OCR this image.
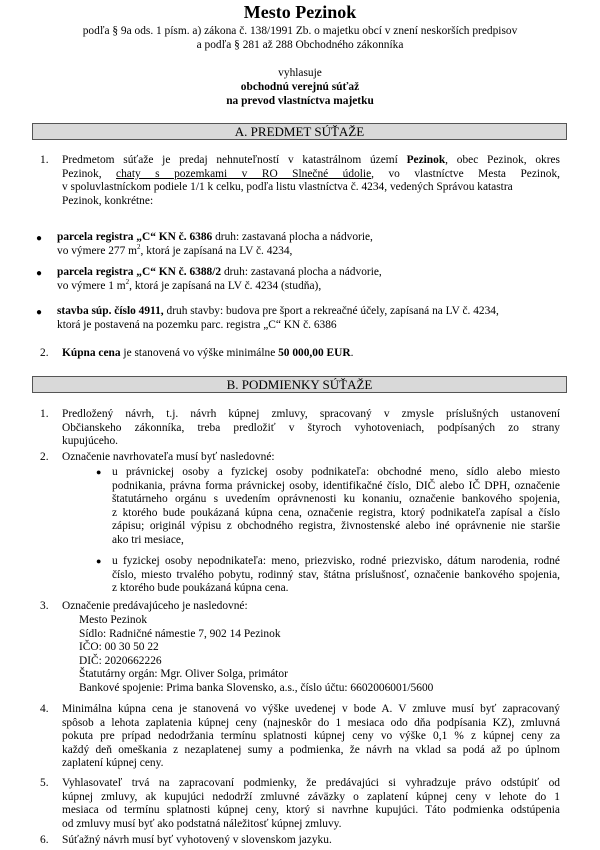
Mesto Pezinok
podľa § 9a ods. 1 písm. a) zákona č. 138/1991 Zb. o majetku obcí v znení neskorších predpisov
a podľa § 281 až 288 Obchodného zákonníka
vyhlasuje
obchodnú verejnú súťaž
na prevod vlastníctva majetku
A. PREDMET SÚŤAŽE
1. Predmetom súťaže je predaj nehnuteľností v katastrálnom území Pezinok, obec Pezinok, okres

Pezinok, chaty s pozemkami v RO Slnečné údolie, vo vlastníctve Mesta Pezinok,

v spoluvlastníckom podiele 1/1 k celku, podľa listu vlastníctva č. 4234, vedených Správou katastra

Pezinok, konkrétne:

● parcela registra „C“ KN č. 6386 druh: zastavaná plocha a nádvorie,

vo výmere 277 $m^2$, ktorá je zapísaná na LV č. 4234,

● parcela registra „C“ KN č. 6388/2 druh: zastavaná plocha a nádvorie,

vo výmere 1 $m^2$, ktorá je zapísaná na LV č. 4234 (studňa),

● stavba súp. číslo 4911, druh stavby: budova pre šport a rekreačné účely, zapísaná na LV č. 4234,

ktorá je postavená na pozemku parc. registra „C“ KN č. 6386

2. Kúpna cena je stanovená vo výške minimálne 50 000,00 EUR.

B. PODMIENKY SÚŤAŽE
1. Predložený návrh, t.j. návrh kúpnej zmluvy, spracovaný v zmysle príslušných ustanovení

Občianskeho zákonníka, treba predložiť v štyroch vyhotoveniach, podpísaných zo strany

kupujúceho.

2. Označenie navrhovateľa musí byť nasledovné:
● u právnickej osoby a fyzickej osoby podnikateľa: obchodné meno, sídlo alebo miesto

podnikania, právna forma právnickej osoby, identifikačné číslo, DIČ alebo IČ DPH, označenie

štatutárneho orgánu s uvedením oprávnenosti ku konaniu, označenie bankového spojenia,

z ktorého bude poukázaná kúpna cena, označenie registra, ktorý podnikateľa zapísal a číslo

zápisu; originál výpisu z obchodného registra, živnostenské alebo iné oprávnenie nie staršie

ako tri mesiace,

● u fyzickej osoby nepodnikateľa: meno, priezvisko, rodné priezvisko, dátum narodenia, rodné

číslo, miesto trvalého pobytu, rodinný stav, štátna príslušnosť, označenie bankového spojenia,

z ktorého bude poukázaná kúpna cena.

3. Označenie predávajúceho je nasledovné:

Mesto Pezinok

Sídlo: Radničné námestie 7, 902 14 Pezinok

IČO: 00 30 50 22

DIČ: 2020662226

Štatutárny orgán: Mgr. Oliver Solga, primátor

Bankové spojenie: Prima banka Slovensko, a.s., číslo účtu: 6602006001/5600

4. Minimálna kúpna cena je stanovená vo výške uvedenej v bode A. V zmluve musí byť zapracovaný

spôsob a lehota zaplatenia kúpnej ceny (najneskôr do 1 mesiaca odo dňa podpísania KZ), zmluvná

pokuta pre prípad nedodržania termínu splatnosti kúpnej ceny vo výške 0,1 % z kúpnej ceny za

každý deň omeškania z nezaplatenej sumy a podmienka, že návrh na vklad sa podá až po úplnom

zaplatení kúpnej ceny.

5. Vyhlasovateľ trvá na zapracovaní podmienky, že predávajúci si vyhradzuje právo odstúpiť od

kúpnej zmluvy, ak kupujúci nedodrží zmluvné záväzky o zaplatení kúpnej ceny v lehote do 1

mesiaca od termínu splatnosti kúpnej ceny, ktorý si navrhne kupujúci. Táto podmienka odstúpenia

od zmluvy musí byť ako podstatná náležitosť kúpnej zmluvy.

6. Súťažný návrh musí byť vyhotovený v slovenskom jazyku.
